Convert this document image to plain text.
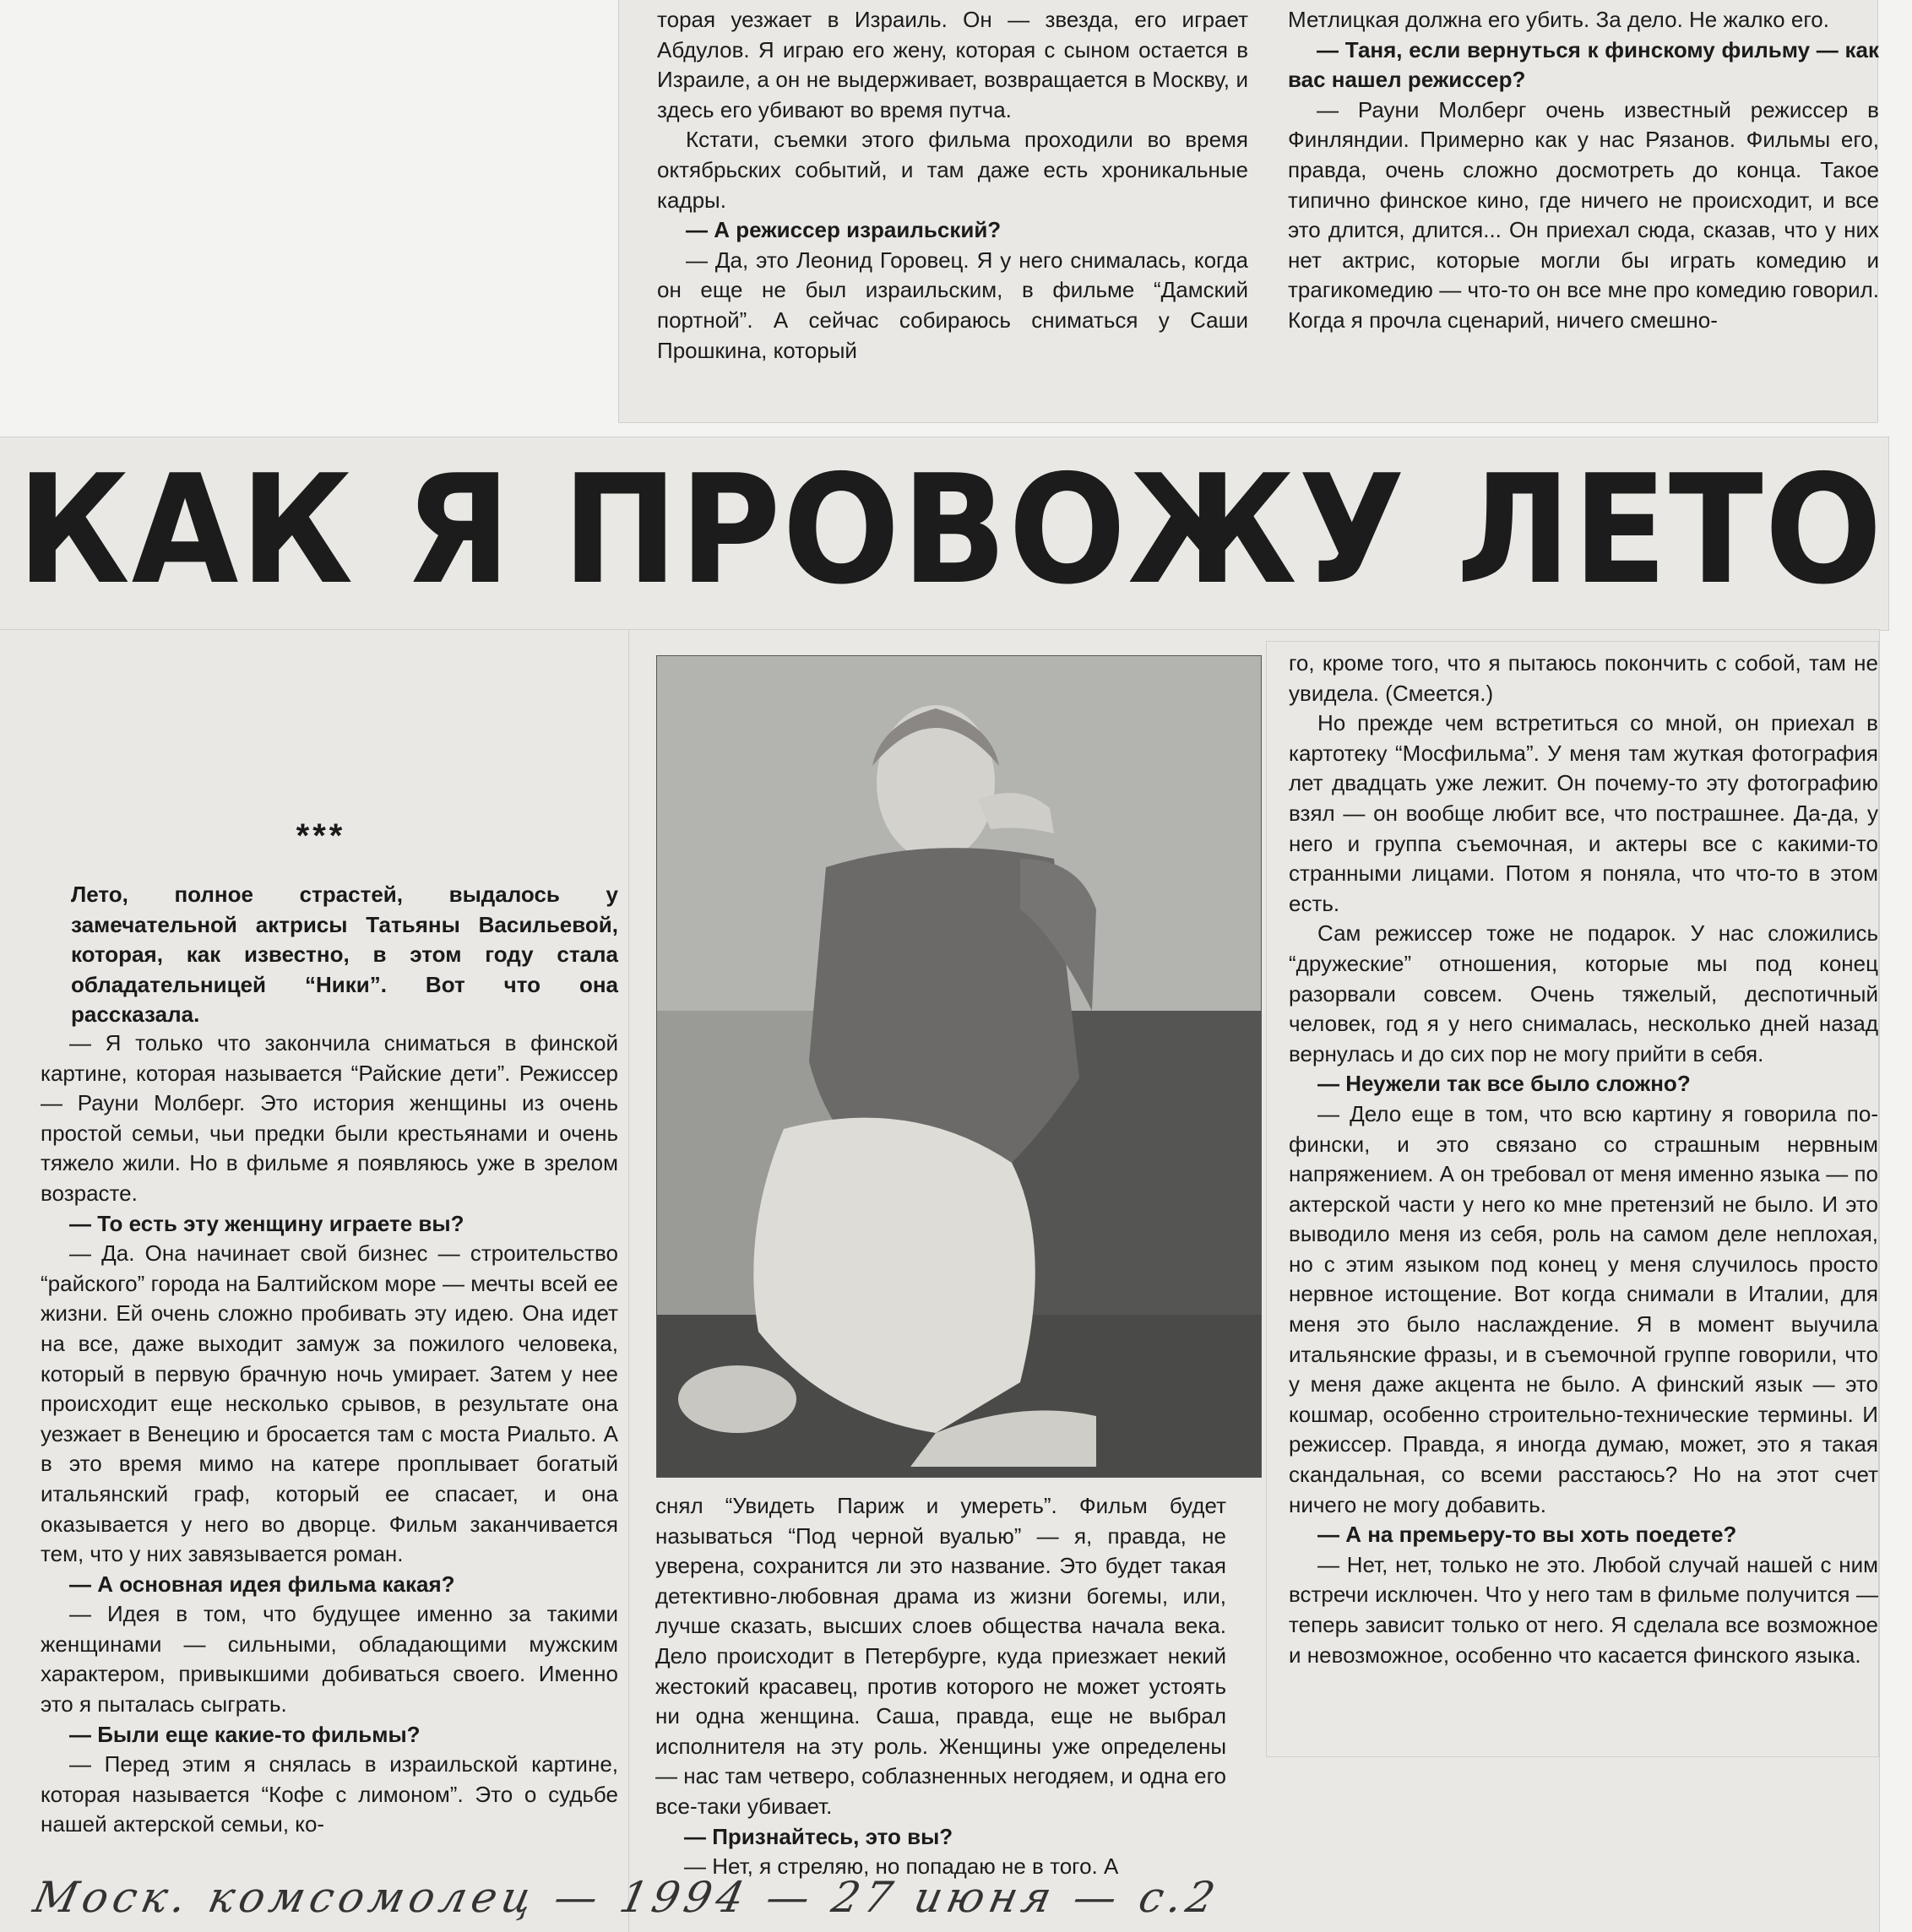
торая уезжает в Израиль. Он — звезда, его играет Абдулов. Я играю его жену, которая с сыном остается в Израиле, а он не выдерживает, возвращается в Москву, и здесь его убивают во время путча.

Кстати, съемки этого фильма проходили во время октябрьских событий, и там даже есть хроникальные кадры.

— А режиссер израильский?

— Да, это Леонид Горовец. Я у него снималась, когда он еще не был израильским, в фильме “Дамский портной”. А сейчас собираюсь сниматься у Саши Прошкина, который

Метлицкая должна его убить. За дело. Не жалко его.

— Таня, если вернуться к финскому фильму — как вас нашел режиссер?

— Рауни Молберг очень известный режиссер в Финляндии. Примерно как у нас Рязанов. Фильмы его, правда, очень сложно досмотреть до конца. Такое типично финское кино, где ничего не происходит, и все это длится, длится... Он приехал сюда, сказав, что у них нет актрис, которые могли бы играть комедию и трагикомедию — что-то он все мне про комедию говорил. Когда я прочла сценарий, ничего смешно-

КАК Я ПРОВОЖУ ЛЕТО
***
Лето, полное страстей, выдалось у замечательной актрисы Татьяны Васильевой, которая, как известно, в этом году стала обладательницей “Ники”. Вот что она рассказала.

— Я только что закончила сниматься в финской картине, которая называется “Райские дети”. Режиссер — Рауни Молберг. Это история женщины из очень простой семьи, чьи предки были крестьянами и очень тяжело жили. Но в фильме я появляюсь уже в зрелом возрасте.

— То есть эту женщину играете вы?

— Да. Она начинает свой бизнес — строительство “райского” города на Балтийском море — мечты всей ее жизни. Ей очень сложно пробивать эту идею. Она идет на все, даже выходит замуж за пожилого человека, который в первую брачную ночь умирает. Затем у нее происходит еще несколько срывов, в результате она уезжает в Венецию и бросается там с моста Риальто. А в это время мимо на катере проплывает богатый итальянский граф, который ее спасает, и она оказывается у него во дворце. Фильм заканчивается тем, что у них завязывается роман.

— А основная идея фильма какая?

— Идея в том, что будущее именно за такими женщинами — сильными, обладающими мужским характером, привыкшими добиваться своего. Именно это я пыталась сыграть.

— Были еще какие-то фильмы?

— Перед этим я снялась в израильской картине, которая называется “Кофе с лимоном”. Это о судьбе нашей актерской семьи, ко-

снял “Увидеть Париж и умереть”. Фильм будет называться “Под черной вуалью” — я, правда, не уверена, сохранится ли это название. Это будет такая детективно-любовная драма из жизни богемы, или, лучше сказать, высших слоев общества начала века. Дело происходит в Петербурге, куда приезжает некий жестокий красавец, против которого не может устоять ни одна женщина. Саша, правда, еще не выбрал исполнителя на эту роль. Женщины уже определены — нас там четверо, соблазненных негодяем, и одна его все-таки убивает.

— Признайтесь, это вы?

— Нет, я стреляю, но попадаю не в того. А

го, кроме того, что я пытаюсь покончить с собой, там не увидела. (Смеется.)

Но прежде чем встретиться со мной, он приехал в картотеку “Мосфильма”. У меня там жуткая фотография лет двадцать уже лежит. Он почему-то эту фотографию взял — он вообще любит все, что пострашнее. Да-да, у него и группа съемочная, и актеры все с какими-то странными лицами. Потом я поняла, что что-то в этом есть.

Сам режиссер тоже не подарок. У нас сложились “дружеские” отношения, которые мы под конец разорвали совсем. Очень тяжелый, деспотичный человек, год я у него снималась, несколько дней назад вернулась и до сих пор не могу прийти в себя.

— Неужели так все было сложно?

— Дело еще в том, что всю картину я говорила по-фински, и это связано со страшным нервным напряжением. А он требовал от меня именно языка — по актерской части у него ко мне претензий не было. И это выводило меня из себя, роль на самом деле неплохая, но с этим языком под конец у меня случилось просто нервное истощение. Вот когда снимали в Италии, для меня это было наслаждение. Я в момент выучила итальянские фразы, и в съемочной группе говорили, что у меня даже акцента не было. А финский язык — это кошмар, особенно строительно-технические термины. И режиссер. Правда, я иногда думаю, может, это я такая скандальная, со всеми расстаюсь? Но на этот счет ничего не могу добавить.

— А на премьеру-то вы хоть поедете?

— Нет, нет, только не это. Любой случай нашей с ним встречи исключен. Что у него там в фильме получится — теперь зависит только от него. Я сделала все возможное и невозможное, особенно что касается финского языка.

Моск. комсомолец — 1994 — 27 июня — с.2
